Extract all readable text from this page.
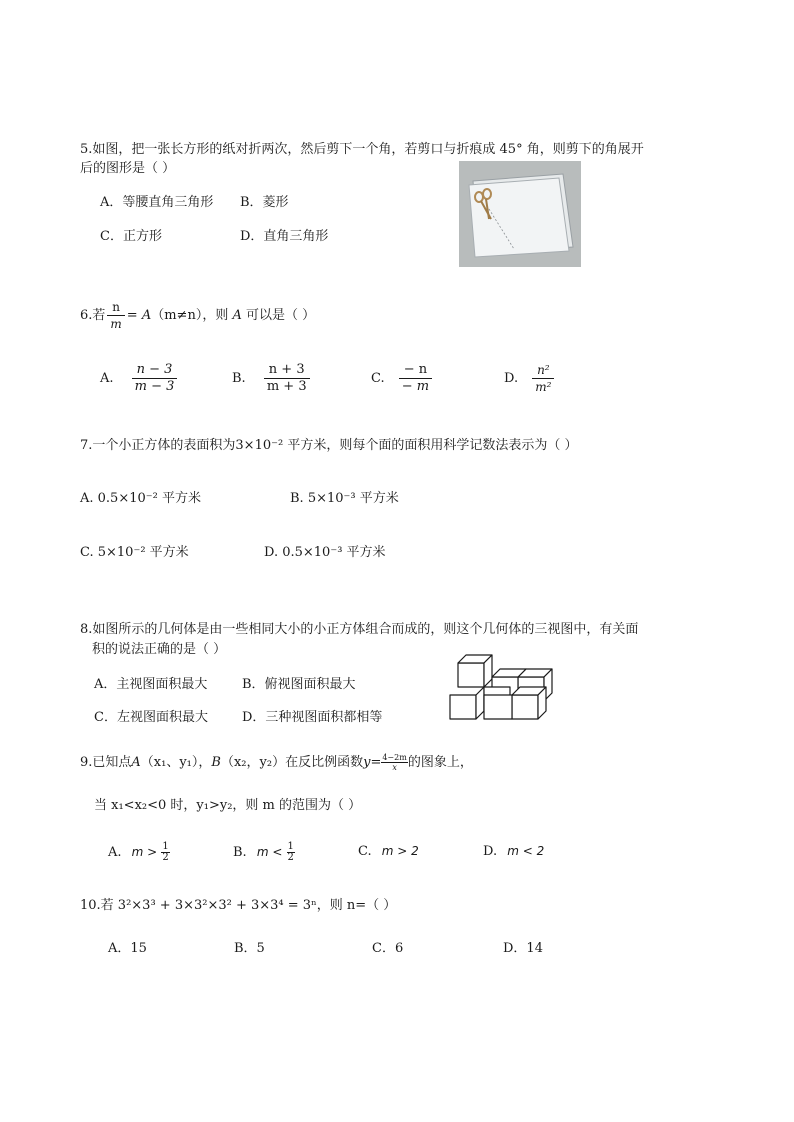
5.如图，把一张长方形的纸对折两次，然后剪下一个角，若剪口与折痕成 45° 角，则剪下的角展开
后的图形是（ ）
A．等腰直角三角形 B．菱形
C．正方形	D．直角三角形
6.若 $\frac{n}{m} = A(m\ne n)$，则 A 可以是（ ）
A. $\frac{n - 3}{m - 3}$	B. $\frac{n + 3}{m + 3}$	C. $\frac{- n}{- m}$	D. $\frac{\text{n²}}{\text{m²}}$
7.一个小正方体的表面积为3×10⁻² 平方米，则每个面的面积用科学记数法表示为（ ）
A. 0.5×10⁻² 平方米	B. 5×10⁻³ 平方米
C. 5×10⁻² 平方米	D. 0.5×10⁻³ 平方米
8.如图所示的几何体是由一些相同大小的小正方体组合而成的，则这个几何体的三视图中，有关面
积的说法正确的是（ ）
A．主视图面积最大	B．俯视图面积最大
C．左视图面积最大	D．三种视图面积都相等
9.已知点A（x₁、y₁），B（x₂，y₂）在反比例函数$y= \frac{4-2m}{x}$ 的图象上，
当 x₁<x₂<0 时，y₁>y₂，则 m 的范围为（ ）
A. $m > \frac{1}{2}$	B. $m < \frac{1}{2}$	C. m > 2	D. m < 2
10.若 3²×3³ + 3×3²×3² + 3×3⁴ = 3ⁿ，则 n=（ ）
A．15	B．5	C．6	D．14
